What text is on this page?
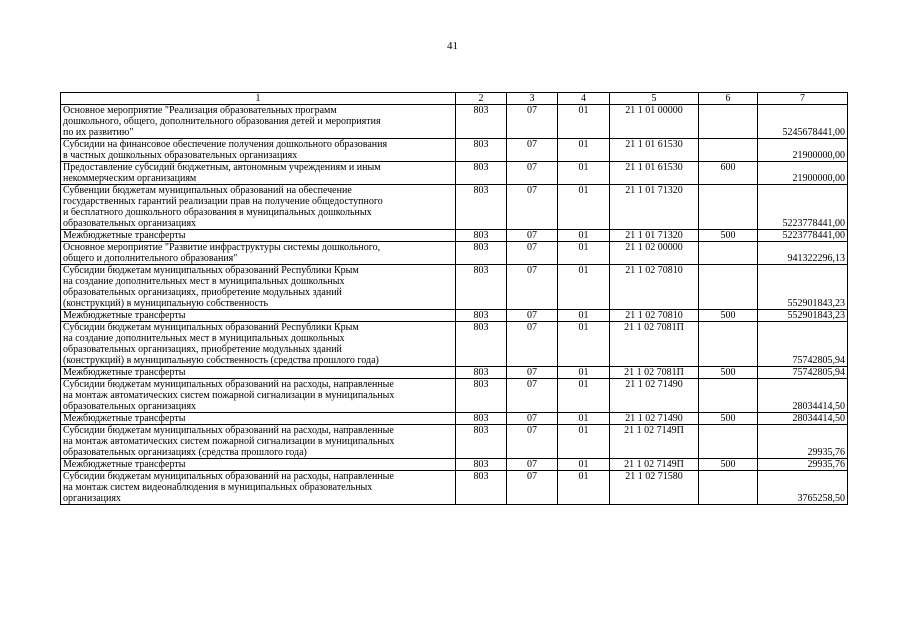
41
1	2	3	4	5	6	7
Основное мероприятие "Реализация образовательных программ
дошкольного, общего, дополнительного образования детей и мероприятия
по их развитию"	803	07	01	21 1 01 00000		5245678441,00
Субсидии на финансовое обеспечение получения дошкольного образования
в частных дошкольных образовательных организациях	803	07	01	21 1 01 61530		21900000,00
Предоставление субсидий бюджетным, автономным учреждениям и иным
некоммерческим организациям	803	07	01	21 1 01 61530	600	21900000,00
Субвенции бюджетам муниципальных образований на обеспечение
государственных гарантий реализации прав на получение общедоступного
и бесплатного дошкольного образования в муниципальных дошкольных
образовательных организациях	803	07	01	21 1 01 71320		5223778441,00
Межбюджетные трансферты	803	07	01	21 1 01 71320	500	5223778441,00
Основное мероприятие "Развитие инфраструктуры системы дошкольного,
общего и дополнительного образования"	803	07	01	21 1 02 00000		941322296,13
Субсидии бюджетам муниципальных образований Республики Крым
на создание дополнительных мест в муниципальных дошкольных
образовательных организациях, приобретение модульных зданий
(конструкций) в муниципальную собственность	803	07	01	21 1 02 70810		552901843,23
Межбюджетные трансферты	803	07	01	21 1 02 70810	500	552901843,23
Субсидии бюджетам муниципальных образований Республики Крым
на создание дополнительных мест в муниципальных дошкольных
образовательных организациях, приобретение модульных зданий
(конструкций) в муниципальную собственность (средства прошлого года)	803	07	01	21 1 02 7081П		75742805,94
Межбюджетные трансферты	803	07	01	21 1 02 7081П	500	75742805,94
Субсидии бюджетам муниципальных образований на расходы, направленные
на монтаж автоматических систем пожарной сигнализации в муниципальных
образовательных организациях	803	07	01	21 1 02 71490		28034414,50
Межбюджетные трансферты	803	07	01	21 1 02 71490	500	28034414,50
Субсидии бюджетам муниципальных образований на расходы, направленные
на монтаж автоматических систем пожарной сигнализации в муниципальных
образовательных организациях (средства прошлого года)	803	07	01	21 1 02 7149П		29935,76
Межбюджетные трансферты	803	07	01	21 1 02 7149П	500	29935,76
Субсидии бюджетам муниципальных образований на расходы, направленные
на монтаж систем видеонаблюдения в муниципальных образовательных
организациях	803	07	01	21 1 02 71580		3765258,50
